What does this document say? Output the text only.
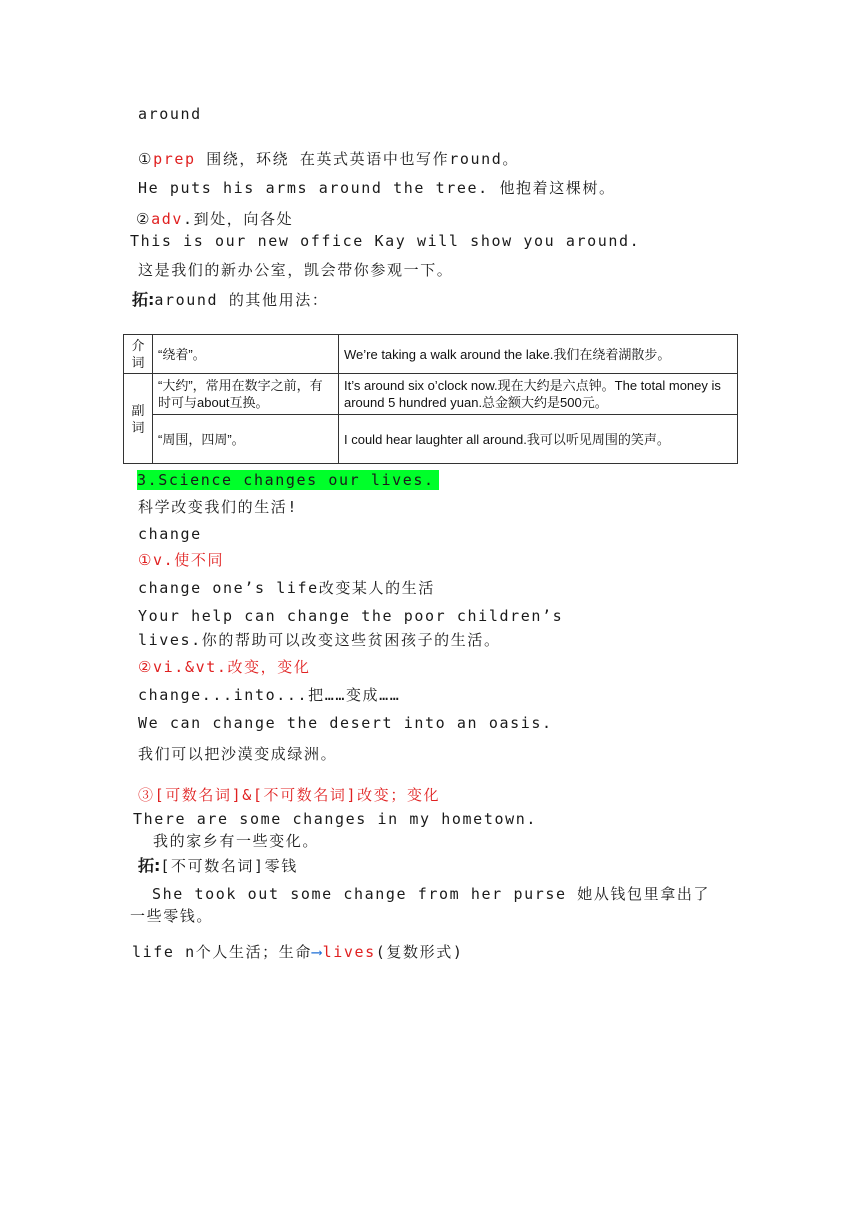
around
①prep 围绕，环绕 在英式英语中也写作round。
He puts his arms around the tree. 他抱着这棵树。
②adv.到处，向各处
This is our new office Kay will show you around.
这是我们的新办公室，凯会带你参观一下。
拓:around 的其他用法：
介词	“绕着”。	We’re taking a walk around the lake.我们在绕着湖散步。
副词	“大约”，常用在数字之前，有时可与about互换。	It’s around six o’clock now.现在大约是六点钟。The total money is around 5 hundred yuan.总金额大约是500元。
	“周围，四周”。	I could hear laughter all around.我可以听见周围的笑声。
3.Science changes our lives.
科学改变我们的生活!
change
①v.使不同
change one’s life改变某人的生活
Your help can change the poor children’s
lives.你的帮助可以改变这些贫困孩子的生活。
②vi.&vt.改变，变化
change...into...把……变成……
We can change the desert into an oasis.
我们可以把沙漠变成绿洲。
③[可数名词]&[不可数名词]改变；变化
There are some changes in my hometown.
我的家乡有一些变化。
拓:[不可数名词]零钱
She took out some change from her purse 她从钱包里拿出了
一些零钱。
life n个人生活；生命⟶lives(复数形式)
